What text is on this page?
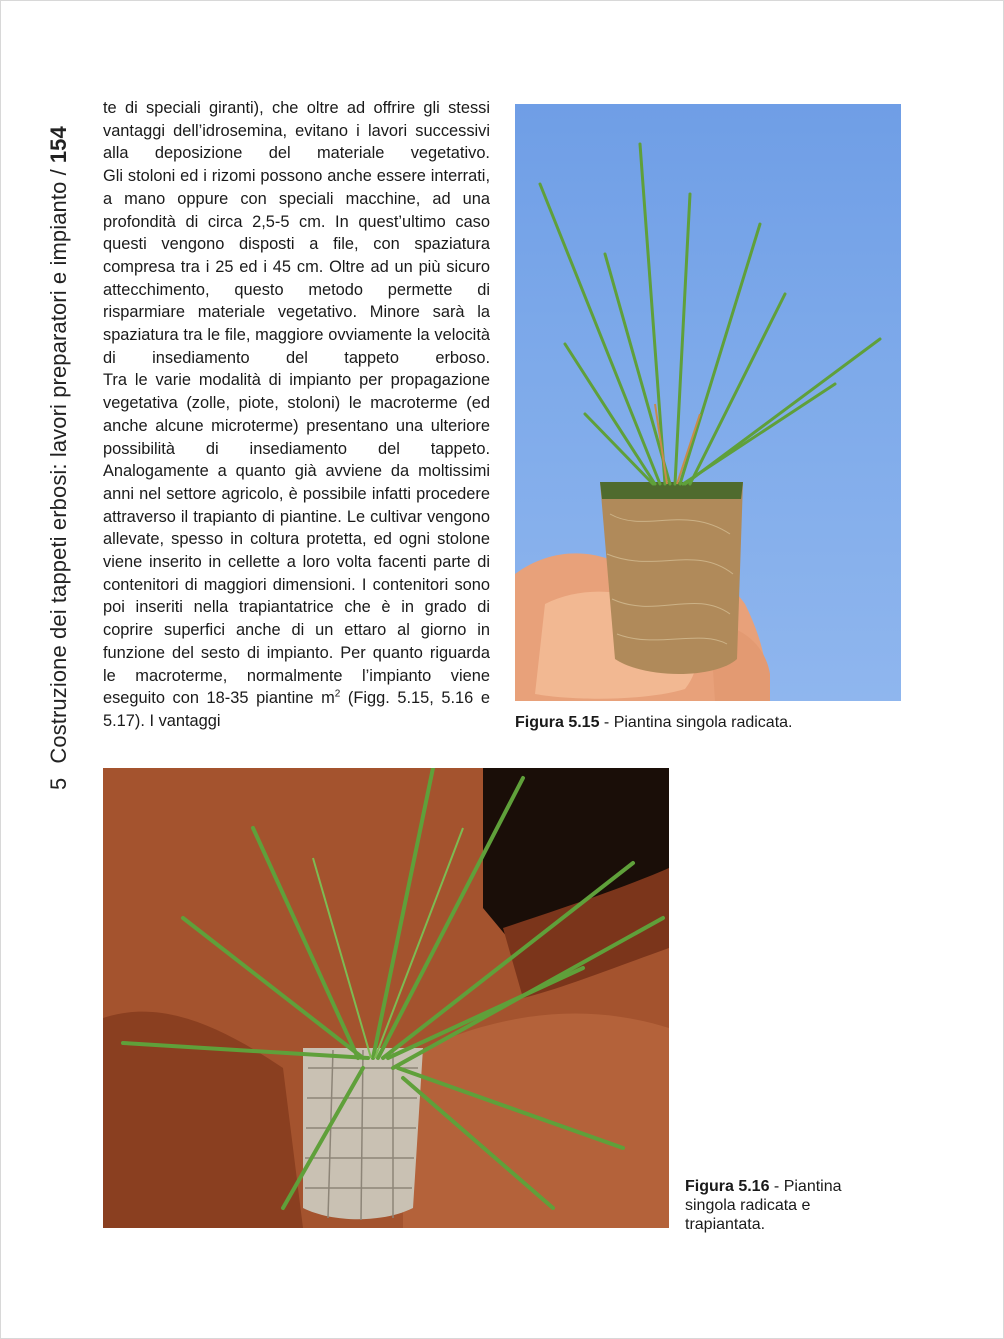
5
Costruzione dei tappeti erbosi: lavori preparatori e impianto /
154

te di speciali giranti), che oltre ad offrire gli stessi vantaggi dell’idrosemina, evitano i lavori successivi alla deposizione del materiale vegetativo.

Gli stoloni ed i rizomi possono anche essere interrati, a mano oppure con speciali macchine, ad una profondità di circa 2,5-5 cm. In quest’ultimo caso questi vengono disposti a file, con spaziatura compresa tra i 25 ed i 45 cm. Oltre ad un più sicuro attecchimento, questo metodo permette di risparmiare materiale vegetativo. Minore sarà la spaziatura tra le file, maggiore ovviamente la velocità di insediamento del tappeto erboso.

Tra le varie modalità di impianto per propagazione vegetativa (zolle, piote, stoloni) le macroterme (ed anche alcune microterme) presentano una ulteriore possibilità di insediamento del tappeto. Analogamente a quanto già avviene da moltissimi anni nel settore agricolo, è possibile infatti procedere attraverso il trapianto di piantine. Le cultivar vengono allevate, spesso in coltura protetta, ed ogni stolone viene inserito in cellette a loro volta facenti parte di contenitori di maggiori dimensioni. I contenitori sono poi inseriti nella trapiantatrice che è in grado di coprire superfici anche di un ettaro al giorno in funzione del sesto di impianto. Per quanto riguarda le macroterme, normalmente l’impianto viene eseguito con 18-35 piantine $m^2$ (Figg. 5.15, 5.16 e 5.17). I vantaggi	Figura 5.15 - Piantina singola radicata.
Figura 5.16 - Piantina singola radicata e trapiantata.
